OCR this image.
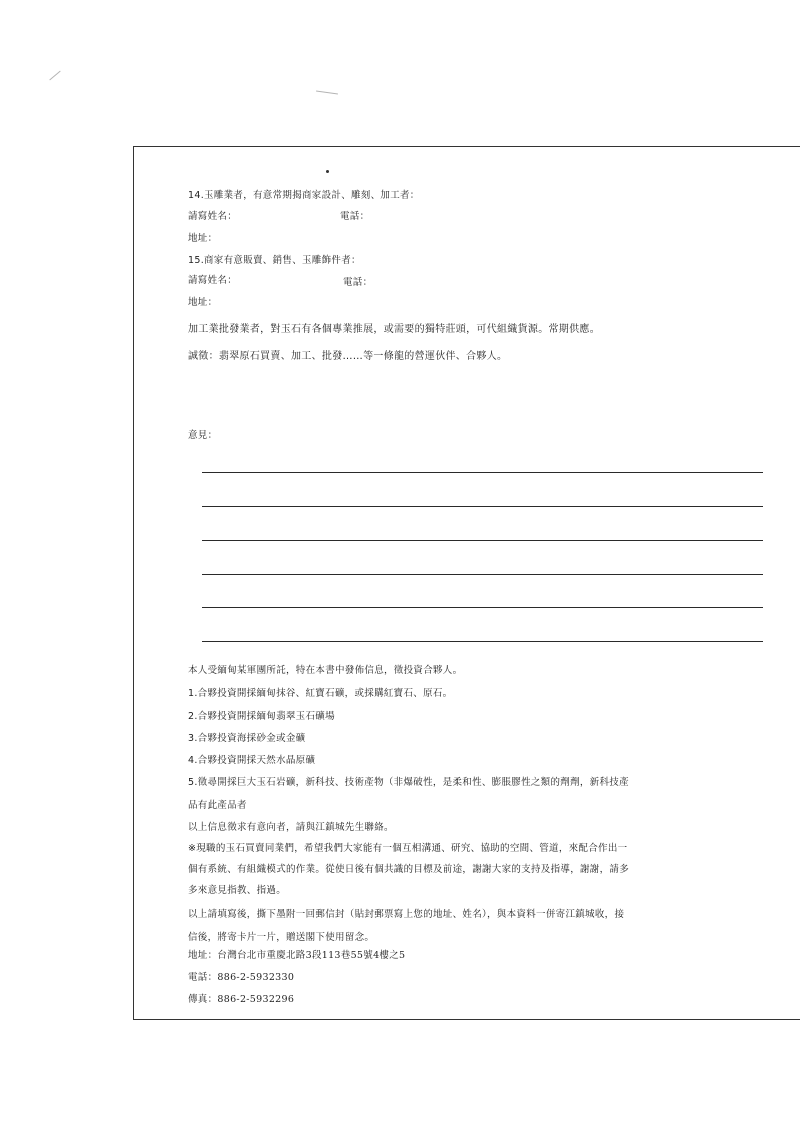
14.玉雕業者，有意常期揭商家設計、雕刻、加工者：
請寫姓名：	電話：
地址：
15.商家有意販賣、銷售、玉雕飾件者：
請寫姓名：	電話：
地址：
加工業批發業者，對玉石有各個專業推展，或需要的獨特莊頭，可代組織貨源。常期供應。
誠徵：翡翠原石買賣、加工、批發……等一條龍的營運伙伴、合夥人。
意見：
本人受緬甸某軍團所託，特在本書中發佈信息，徵投資合夥人。
1.合夥投資開採緬甸抹谷、紅寶石礦，或採購紅寶石、原石。
2.合夥投資開採緬甸翡翠玉石礦場
3.合夥投資海採砂金或金礦
4.合夥投資開採天然水晶原礦
5.徵尋開採巨大玉石岩礦，新科技、技術產物（非爆破性，是柔和性、膨脹膠性之類的劑劑，新科技產
品有此產品者
以上信息徵求有意向者，請與江鎮城先生聯絡。
※現職的玉石買賣同業們，希望我們大家能有一個互相溝通、研究、協助的空間、管道，來配合作出一
個有系統、有組織模式的作業。從使日後有個共識的目標及前途，謝謝大家的支持及指導，謝謝，請多
多來意見指教、指過。
以上請填寫後，撕下墨附一回郵信封（貼封郵票寫上您的地址、姓名），與本資料一併寄江鎮城收，接
信後，將寄卡片一片，贈送閣下使用留念。
地址：台灣台北市重慶北路3段113巷55號4樓之5
電話：886-2-5932330
傳真：886-2-5932296
